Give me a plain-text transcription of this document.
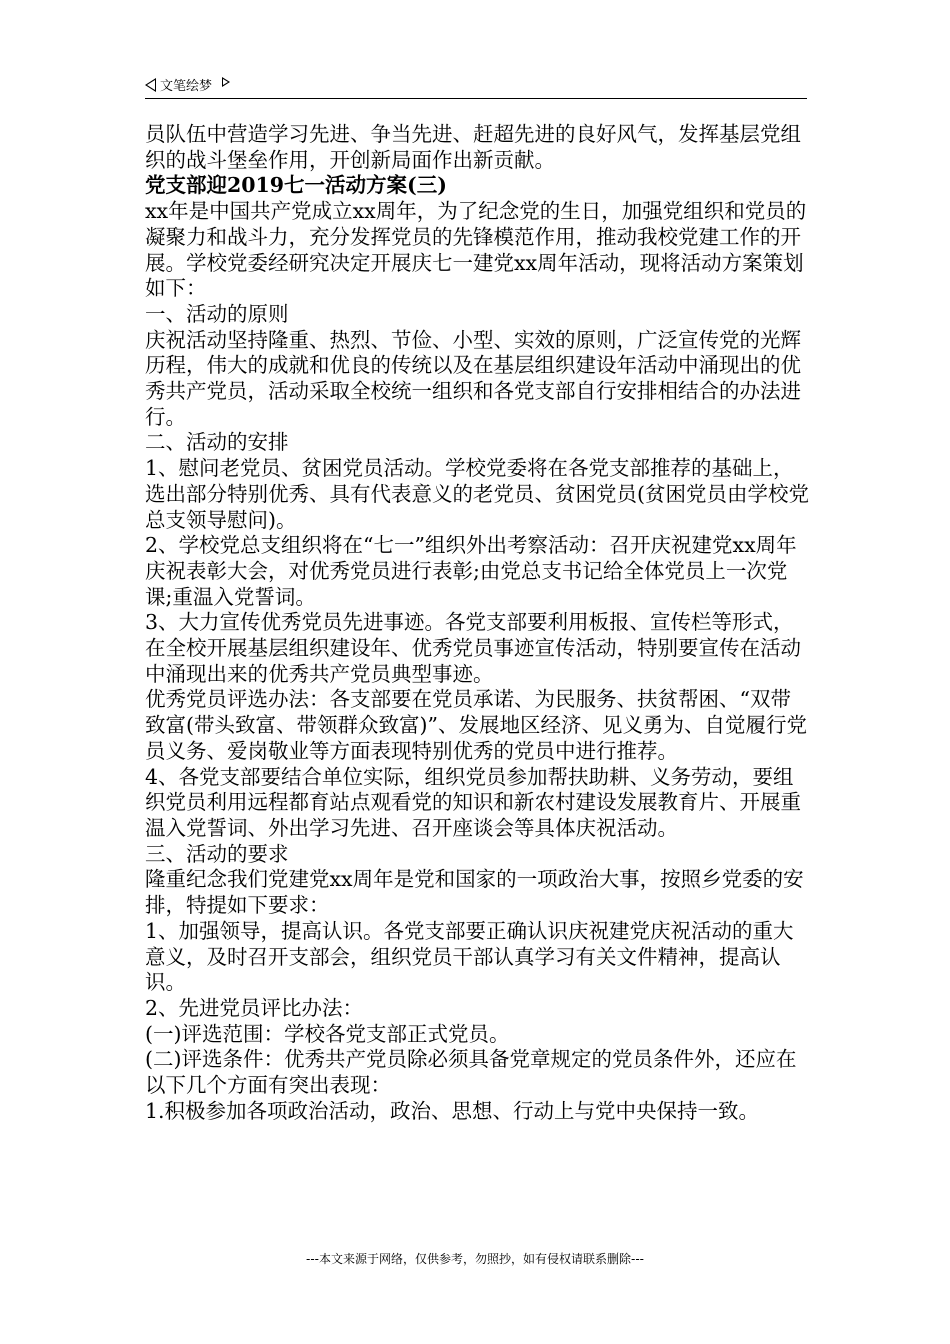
文笔绘梦

员队伍中营造学习先进、争当先进、赶超先进的良好风气，发挥基层党组织的战斗堡垒作用，开创新局面作出新贡献。

党支部迎2019七一活动方案(三)

xx年是中国共产党成立xx周年，为了纪念党的生日，加强党组织和党员的凝聚力和战斗力，充分发挥党员的先锋模范作用，推动我校党建工作的开展。学校党委经研究决定开展庆七一建党xx周年活动，现将活动方案策划如下：

一、活动的原则

庆祝活动坚持隆重、热烈、节俭、小型、实效的原则，广泛宣传党的光辉历程，伟大的成就和优良的传统以及在基层组织建设年活动中涌现出的优秀共产党员，活动采取全校统一组织和各党支部自行安排相结合的办法进行。

二、活动的安排

1、慰问老党员、贫困党员活动。学校党委将在各党支部推荐的基础上，选出部分特别优秀、具有代表意义的老党员、贫困党员(贫困党员由学校党总支领导慰问)。

2、学校党总支组织将在“七一”组织外出考察活动：召开庆祝建党xx周年庆祝表彰大会，对优秀党员进行表彰;由党总支书记给全体党员上一次党课;重温入党誓词。

3、大力宣传优秀党员先进事迹。各党支部要利用板报、宣传栏等形式，在全校开展基层组织建设年、优秀党员事迹宣传活动，特别要宣传在活动中涌现出来的优秀共产党员典型事迹。

优秀党员评选办法：各支部要在党员承诺、为民服务、扶贫帮困、“双带致富(带头致富、带领群众致富)”、发展地区经济、见义勇为、自觉履行党员义务、爱岗敬业等方面表现特别优秀的党员中进行推荐。

4、各党支部要结合单位实际，组织党员参加帮扶助耕、义务劳动，要组织党员利用远程都育站点观看党的知识和新农村建设发展教育片、开展重温入党誓词、外出学习先进、召开座谈会等具体庆祝活动。

三、活动的要求

隆重纪念我们党建党xx周年是党和国家的一项政治大事，按照乡党委的安排，特提如下要求：

1、加强领导，提高认识。各党支部要正确认识庆祝建党庆祝活动的重大意义，及时召开支部会，组织党员干部认真学习有关文件精神，提高认识。

2、先进党员评比办法：

(一)评选范围：学校各党支部正式党员。

(二)评选条件：优秀共产党员除必须具备党章规定的党员条件外，还应在以下几个方面有突出表现：

1.积极参加各项政治活动，政治、思想、行动上与党中央保持一致。

---本文来源于网络，仅供参考，勿照抄，如有侵权请联系删除---
